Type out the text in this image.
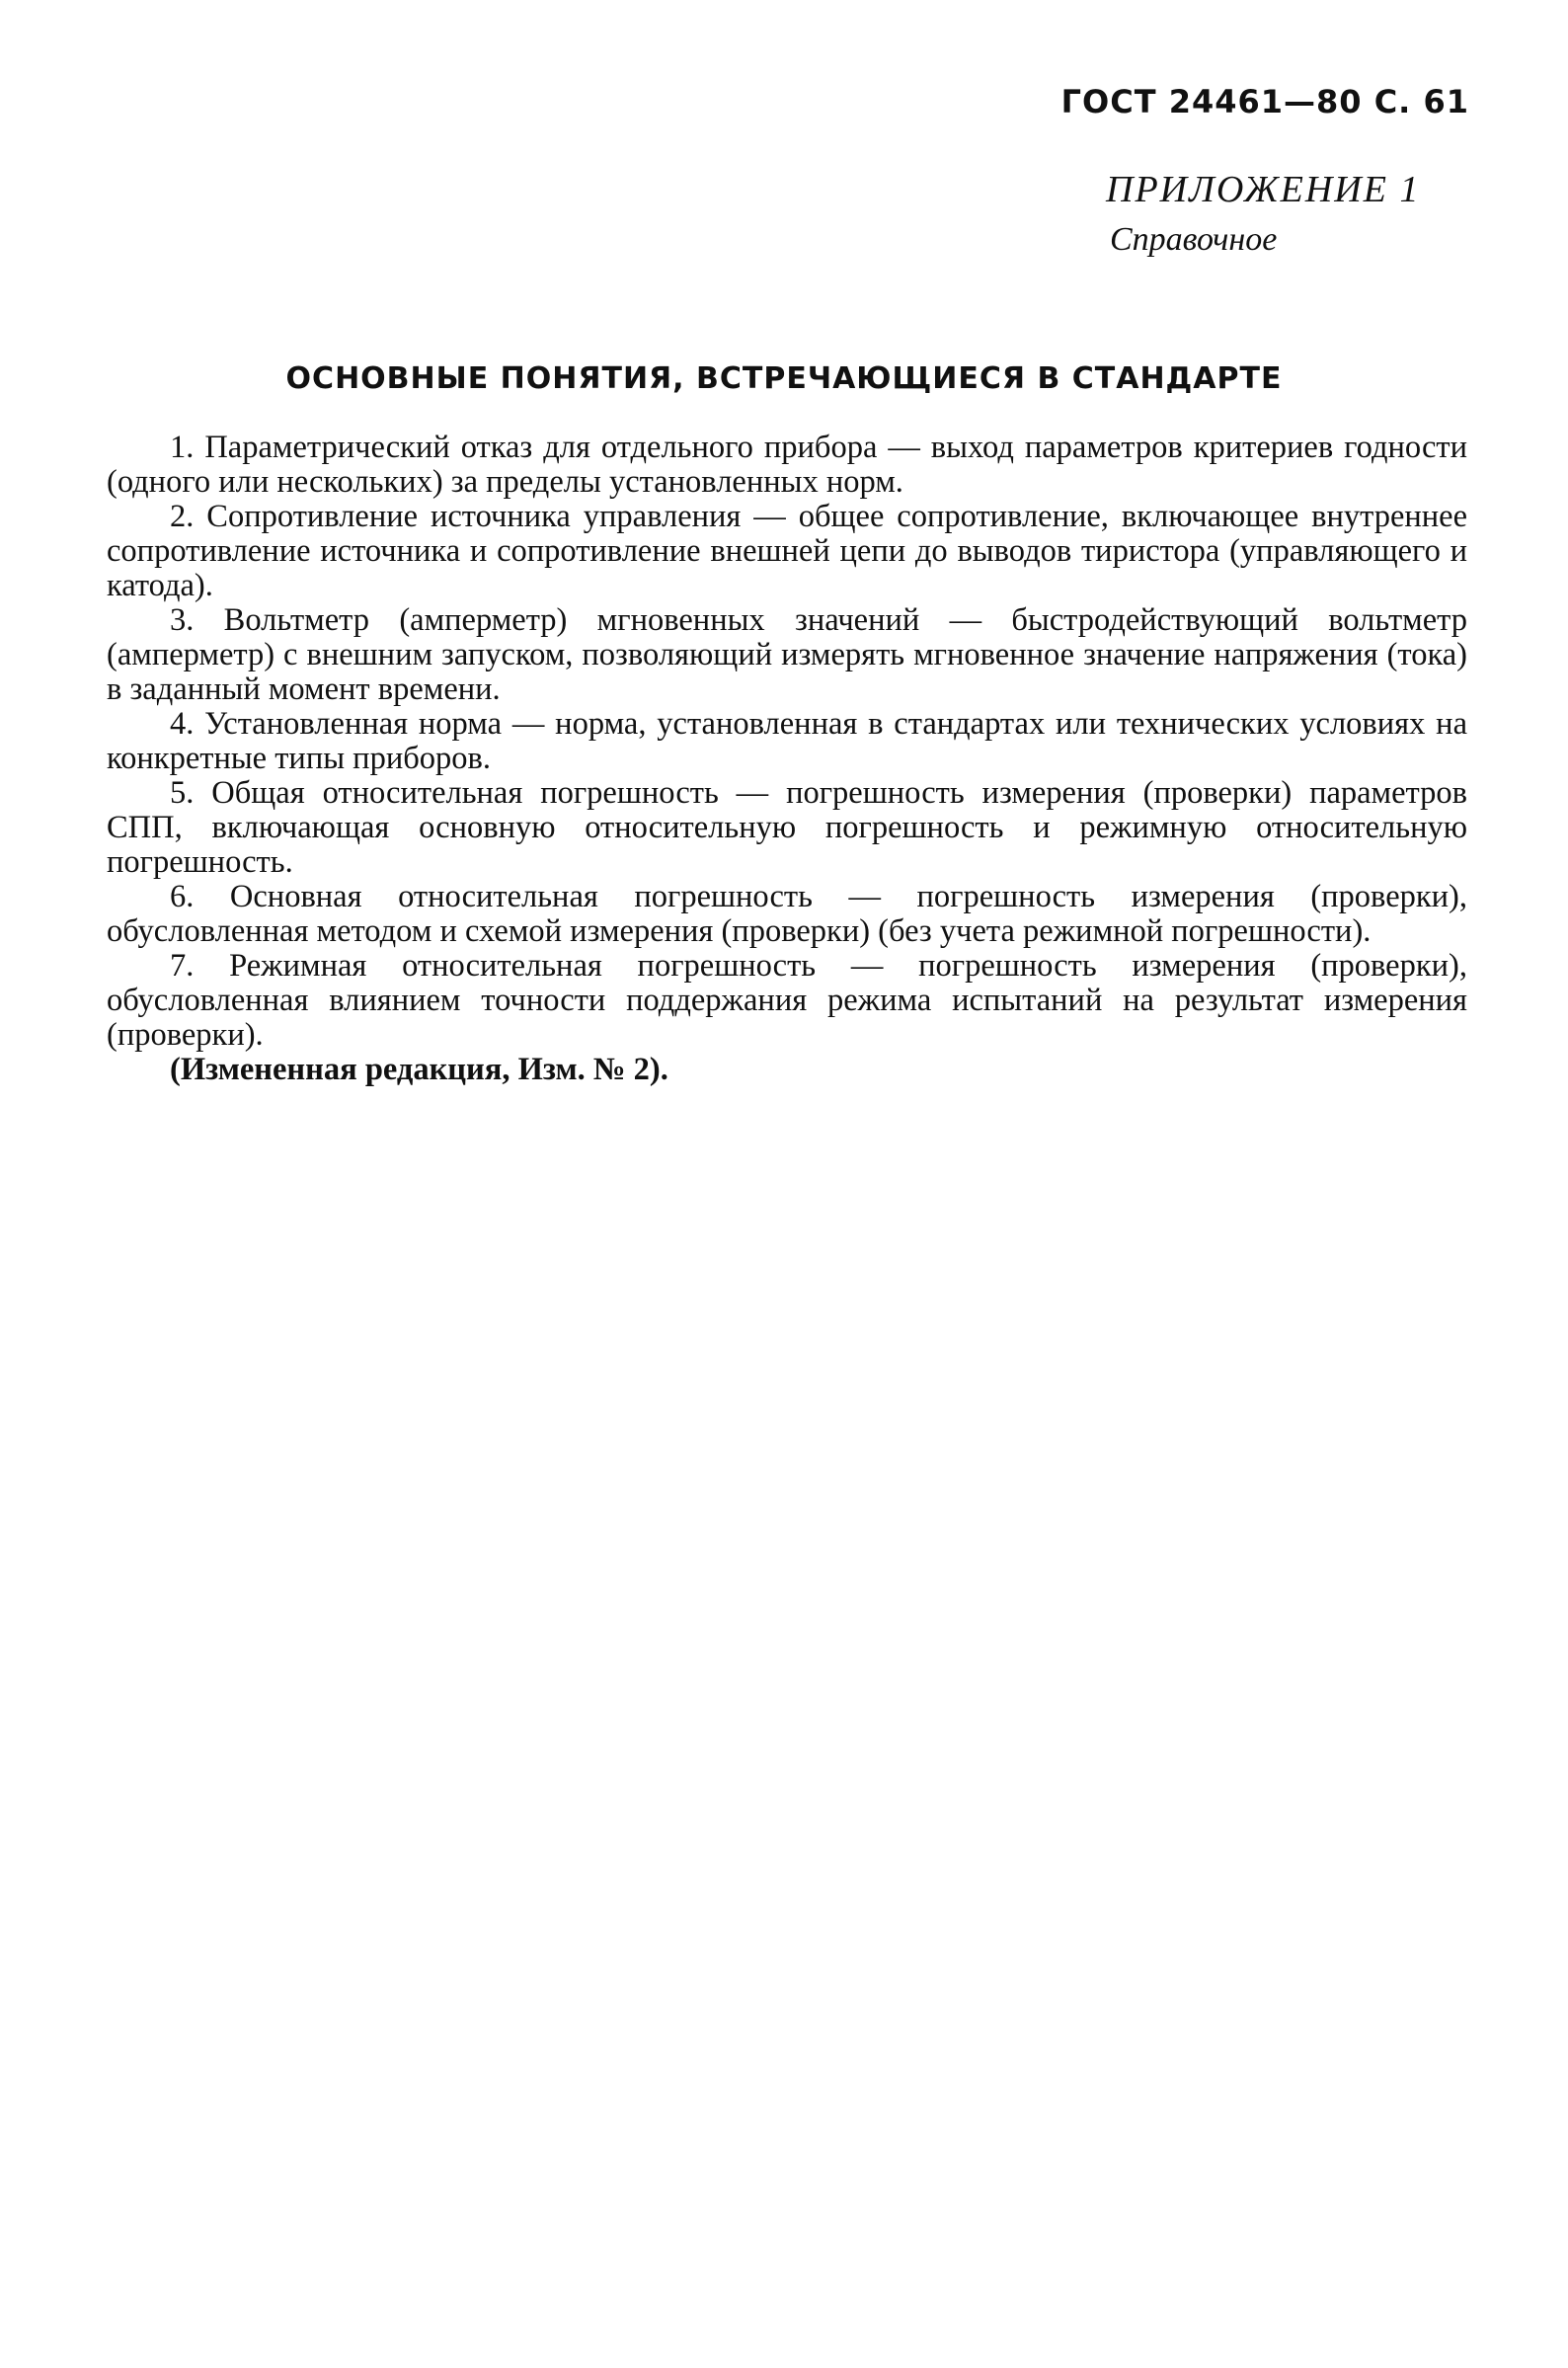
ГОСТ 24461—80 С. 61
ПРИЛОЖЕНИЕ 1
Справочное
ОСНОВНЫЕ ПОНЯТИЯ, ВСТРЕЧАЮЩИЕСЯ В СТАНДАРТЕ

1. Параметрический отказ для отдельного прибора — выход параметров критериев годности (одного или нескольких) за пределы установленных норм.

2. Сопротивление источника управления — общее сопротивление, включающее внутреннее сопротивление источника и сопротивление внешней цепи до выводов тиристора (управляющего и катода).

3. Вольтметр (амперметр) мгновенных значений — быстродействующий вольтметр (амперметр) с внешним запуском, позволяющий измерять мгновенное значение напряжения (тока) в заданный момент времени.

4. Установленная норма — норма, установленная в стандартах или технических условиях на конкретные типы приборов.

5. Общая относительная погрешность — погрешность измерения (проверки) параметров СПП, включающая основную относительную погрешность и режимную относительную погрешность.

6. Основная относительная погрешность — погрешность измерения (проверки), обусловленная методом и схемой измерения (проверки) (без учета режимной погрешности).

7. Режимная относительная погрешность — погрешность измерения (проверки), обусловленная влиянием точности поддержания режима испытаний на результат измерения (проверки).

(Измененная редакция, Изм. № 2).
